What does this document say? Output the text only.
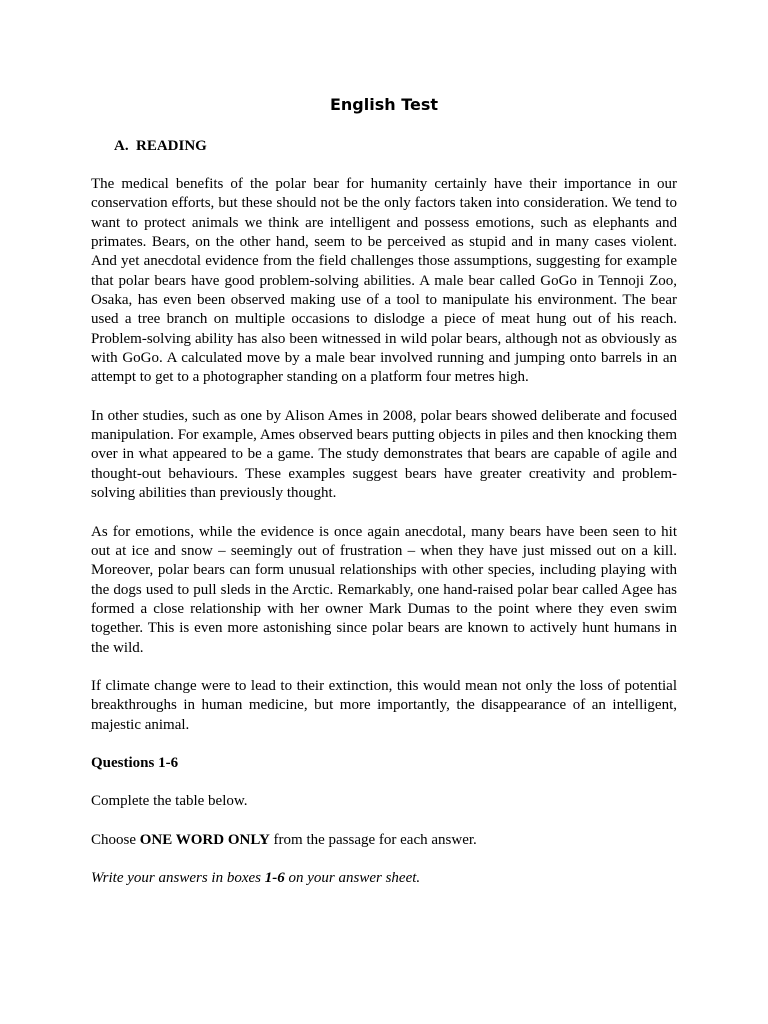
English Test
A. READING

The medical benefits of the polar bear for humanity certainly have their importance in our conservation efforts, but these should not be the only factors taken into consideration. We tend to want to protect animals we think are intelligent and possess emotions, such as elephants and primates. Bears, on the other hand, seem to be perceived as stupid and in many cases violent. And yet anecdotal evidence from the field challenges those assumptions, suggesting for example that polar bears have good problem-solving abilities. A male bear called GoGo in Tennoji Zoo, Osaka, has even been observed making use of a tool to manipulate his environment. The bear used a tree branch on multiple occasions to dislodge a piece of meat hung out of his reach. Problem-solving ability has also been witnessed in wild polar bears, although not as obviously as with GoGo. A calculated move by a male bear involved running and jumping onto barrels in an attempt to get to a photographer standing on a platform four metres high.

In other studies, such as one by Alison Ames in 2008, polar bears showed deliberate and focused manipulation. For example, Ames observed bears putting objects in piles and then knocking them over in what appeared to be a game. The study demonstrates that bears are capable of agile and thought-out behaviours. These examples suggest bears have greater creativity and problem-solving abilities than previously thought.

As for emotions, while the evidence is once again anecdotal, many bears have been seen to hit out at ice and snow – seemingly out of frustration – when they have just missed out on a kill. Moreover, polar bears can form unusual relationships with other species, including playing with the dogs used to pull sleds in the Arctic. Remarkably, one hand-raised polar bear called Agee has formed a close relationship with her owner Mark Dumas to the point where they even swim together. This is even more astonishing since polar bears are known to actively hunt humans in the wild.

If climate change were to lead to their extinction, this would mean not only the loss of potential breakthroughs in human medicine, but more importantly, the disappearance of an intelligent, majestic animal.

Questions 1-6
Complete the table below.
Choose ONE WORD ONLY from the passage for each answer.
Write your answers in boxes 1-6 on your answer sheet.
